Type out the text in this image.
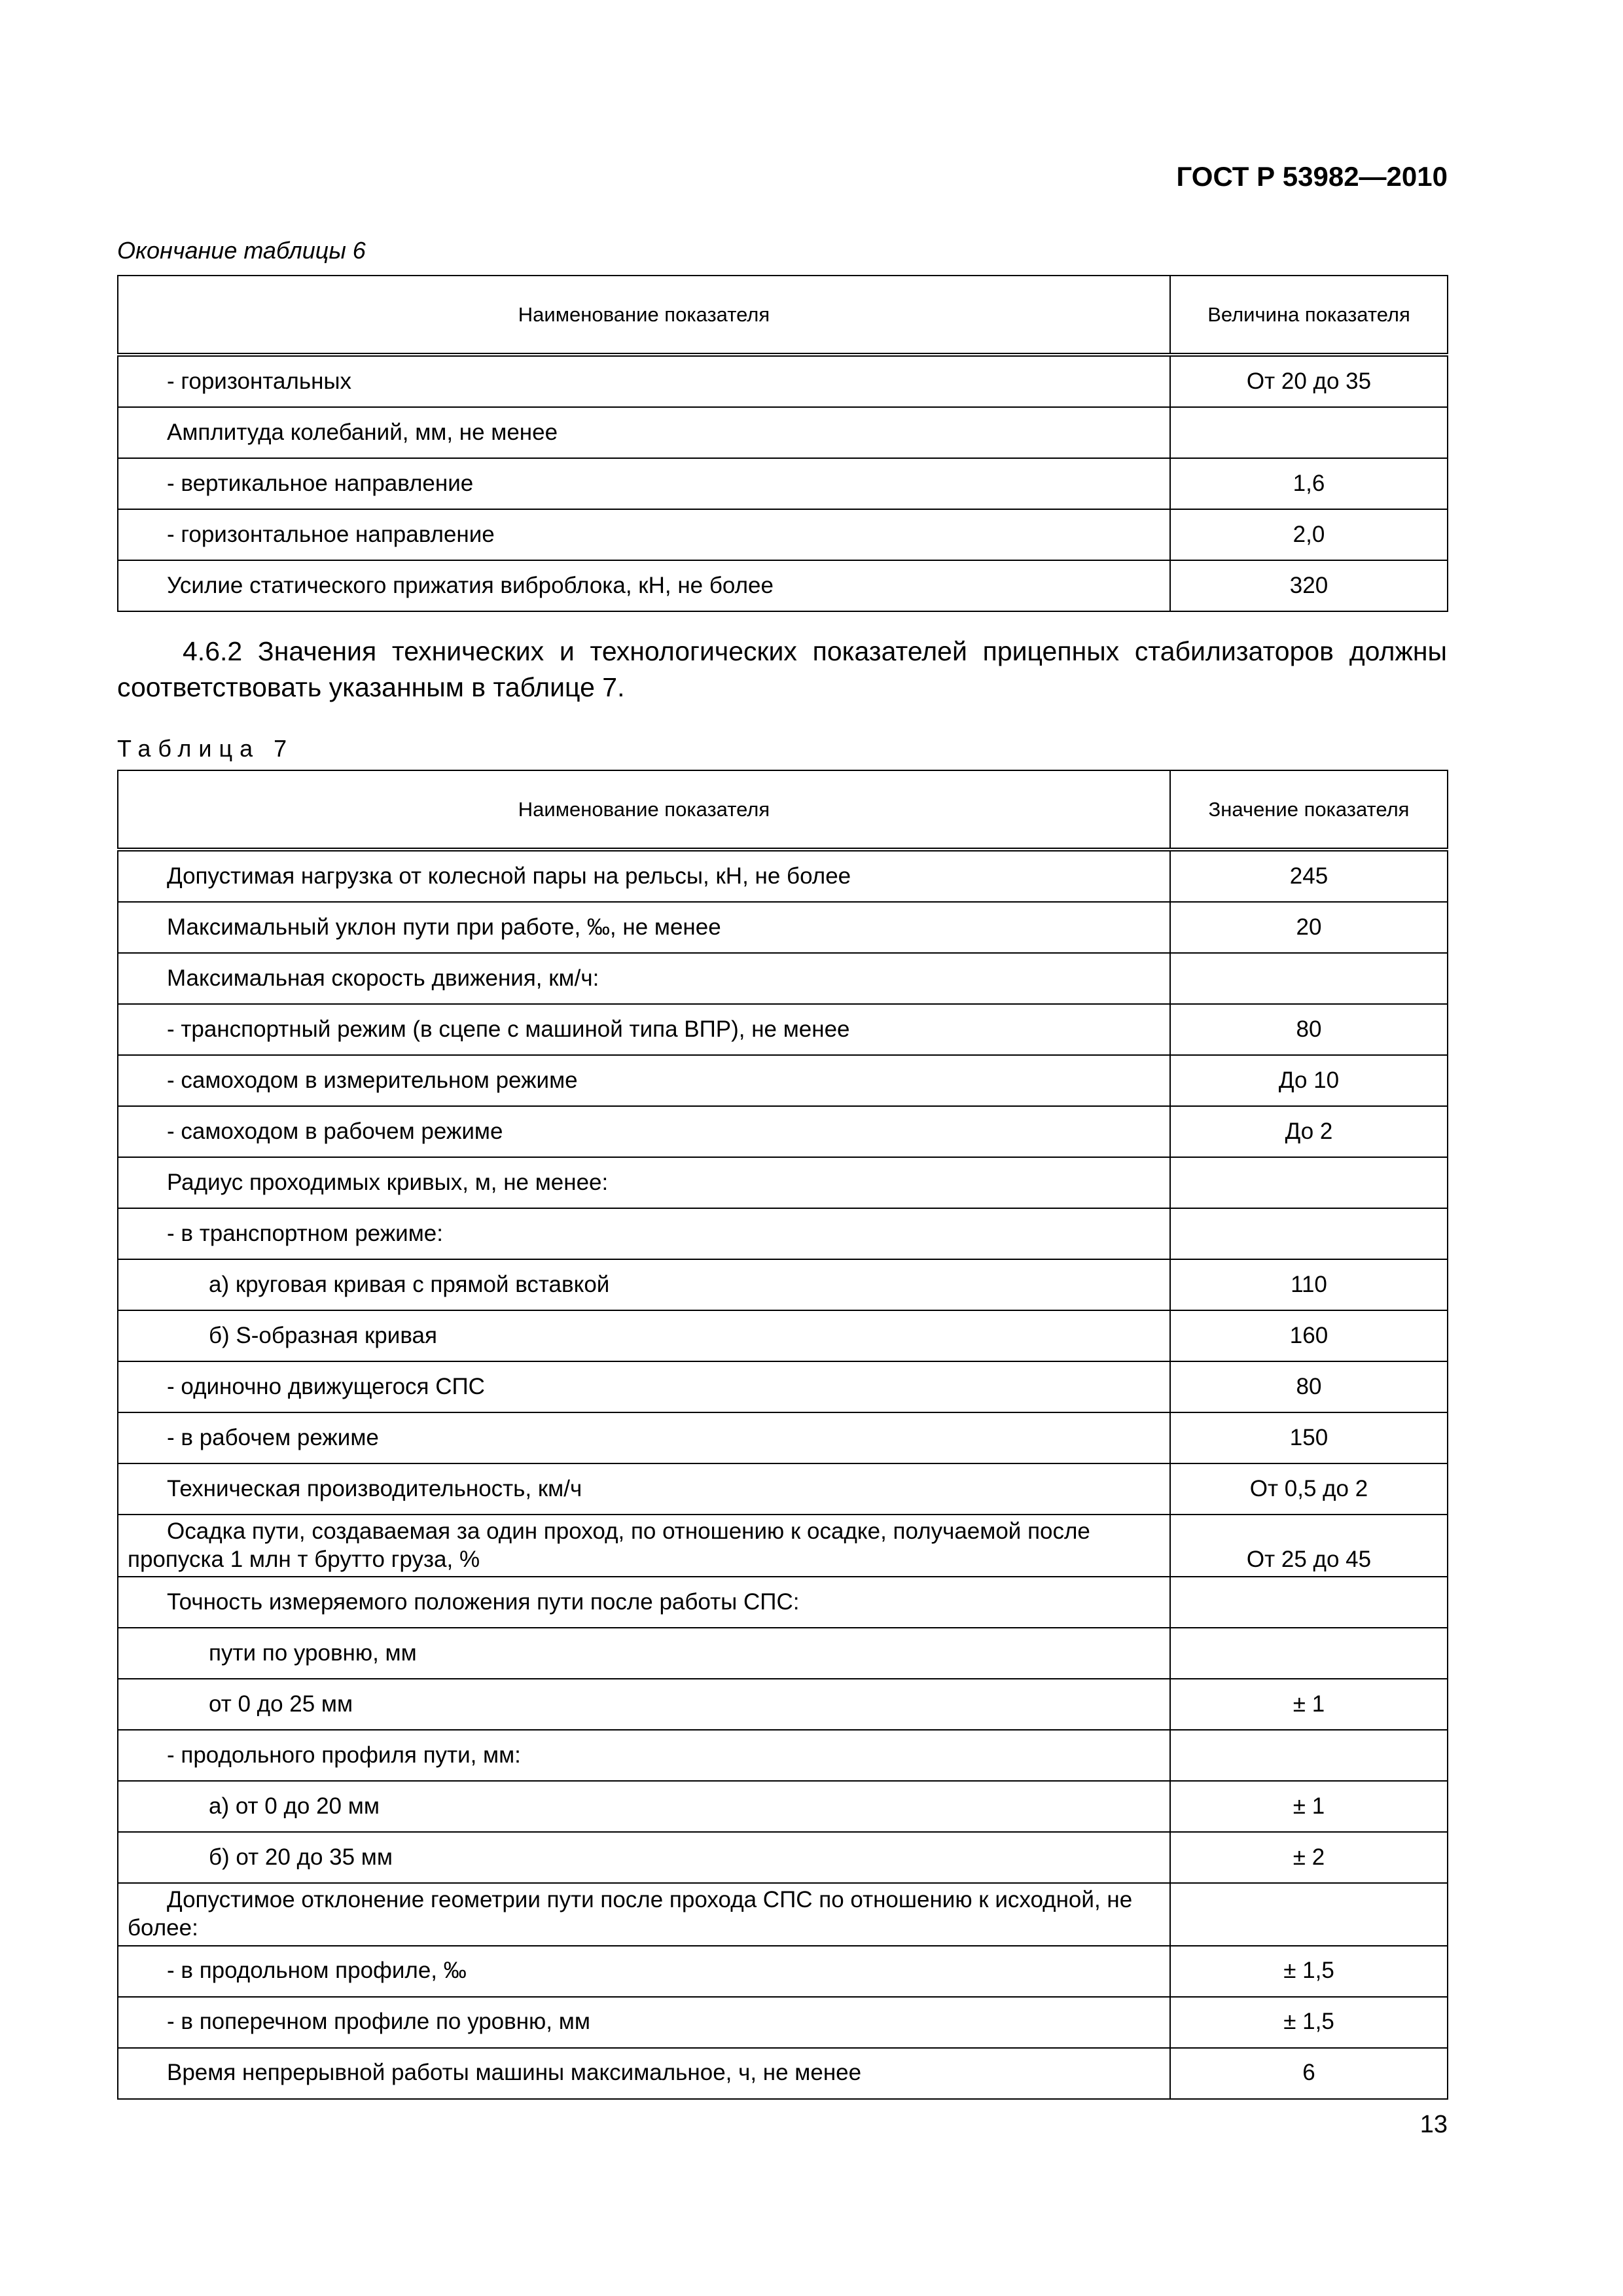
ГОСТ Р 53982—2010
Окончание таблицы 6
Наименование показателя	Величина показателя
- горизонтальных	От 20 до 35
Амплитуда колебаний, мм, не менее	
- вертикальное направление	1,6
- горизонтальное направление	2,0
Усилие статического прижатия виброблока, кН, не более	320
4.6.2 Значения технических и технологических показателей прицепных стабилизаторов должны соответствовать указанным в таблице 7.
Таблица 7
Наименование показателя	Значение показателя
Допустимая нагрузка от колесной пары на рельсы, кН, не более	245
Максимальный уклон пути при работе, ‰, не менее	20
Максимальная скорость движения, км/ч:	
- транспортный режим (в сцепе с машиной типа ВПР), не менее	80
- самоходом в измерительном режиме	До 10
- самоходом в рабочем режиме	До 2
Радиус проходимых кривых, м, не менее:	
- в транспортном режиме:	
а) круговая кривая с прямой вставкой	110
б) S-образная кривая	160
- одиночно движущегося СПС	80
- в рабочем режиме	150
Техническая производительность, км/ч	От 0,5 до 2
Осадка пути, создаваемая за один проход, по отношению к осадке, получаемой после пропуска 1 млн т брутто груза, %	От 25 до 45
Точность измеряемого положения пути после работы СПС:	
пути по уровню, мм	
от 0 до 25 мм	± 1
- продольного профиля пути, мм:	
а) от 0 до 20 мм	± 1
б) от 20 до 35 мм	± 2
Допустимое отклонение геометрии пути после прохода СПС по отношению к исходной, не более:	
- в продольном профиле, ‰	± 1,5
- в поперечном профиле по уровню, мм	± 1,5
Время непрерывной работы машины максимальное, ч, не менее	6
13
